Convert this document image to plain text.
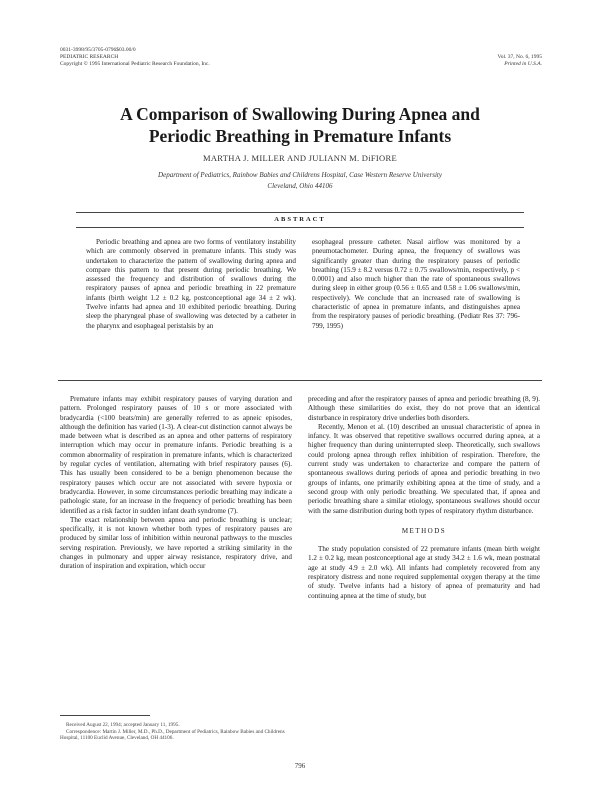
0031-3998/95/3705-0796$03.00/0
PEDIATRIC RESEARCH
Copyright © 1995 International Pediatric Research Foundation, Inc.
Vol. 37, No. 6, 1995
Printed in U.S.A.
A Comparison of Swallowing During Apnea and
Periodic Breathing in Premature Infants
MARTHA J. MILLER AND JULIANN M. DiFIORE
Department of Pediatrics, Rainbow Babies and Childrens Hospital, Case Western Reserve University
Cleveland, Ohio 44106
ABSTRACT

Periodic breathing and apnea are two forms of ventilatory instability which are commonly observed in premature infants. This study was undertaken to characterize the pattern of swallowing during apnea and compare this pattern to that present during periodic breathing. We assessed the frequency and distribution of swallows during the respiratory pauses of apnea and periodic breathing in 22 premature infants (birth weight 1.2 ± 0.2 kg, postconceptional age 34 ± 2 wk). Twelve infants had apnea and 10 exhibited periodic breathing. During sleep the pharyngeal phase of swallowing was detected by a catheter in the pharynx and esophageal peristalsis by an

esophageal pressure catheter. Nasal airflow was monitored by a pneumotachometer. During apnea, the frequency of swallows was significantly greater than during the respiratory pauses of periodic breathing (15.9 ± 8.2 versus 0.72 ± 0.75 swallows/min, respectively, p < 0.0001) and also much higher than the rate of spontaneous swallows during sleep in either group (0.56 ± 0.65 and 0.58 ± 1.06 swallows/min, respectively). We conclude that an increased rate of swallowing is characteristic of apnea in premature infants, and distinguishes apnea from the respiratory pauses of periodic breathing. (Pediatr Res 37: 796-799, 1995)

Premature infants may exhibit respiratory pauses of varying duration and pattern. Prolonged respiratory pauses of 10 s or more associated with bradycardia (<100 beats/min) are generally referred to as apneic episodes, although the definition has varied (1-3). A clear-cut distinction cannot always be made between what is described as an apnea and other patterns of respiratory interruption which may occur in premature infants. Periodic breathing is a common abnormality of respiration in premature infants, which is characterized by regular cycles of ventilation, alternating with brief respiratory pauses (6). This has usually been considered to be a benign phenomenon because the respiratory pauses which occur are not associated with severe hypoxia or bradycardia. However, in some circumstances periodic breathing may indicate a pathologic state, for an increase in the frequency of periodic breathing has been identified as a risk factor in sudden infant death syndrome (7).

The exact relationship between apnea and periodic breathing is unclear; specifically, it is not known whether both types of respiratory pauses are produced by similar loss of inhibition within neuronal pathways to the muscles serving respiration. Previously, we have reported a striking similarity in the changes in pulmonary and upper airway resistance, respiratory drive, and duration of inspiration and expiration, which occur

preceding and after the respiratory pauses of apnea and periodic breathing (8, 9). Although these similarities do exist, they do not prove that an identical disturbance in respiratory drive underlies both disorders.

Recently, Menon et al. (10) described an unusual characteristic of apnea in infancy. It was observed that repetitive swallows occurred during apnea, at a higher frequency than during uninterrupted sleep. Theoretically, such swallows could prolong apnea through reflex inhibition of respiration. Therefore, the current study was undertaken to characterize and compare the pattern of spontaneous swallows during periods of apnea and periodic breathing in two groups of infants, one primarily exhibiting apnea at the time of study, and a second group with only periodic breathing. We speculated that, if apnea and periodic breathing share a similar etiology, spontaneous swallows should occur with the same distribution during both types of respiratory rhythm disturbance.

METHODS

The study population consisted of 22 premature infants (mean birth weight 1.2 ± 0.2 kg, mean postconceptional age at study 34.2 ± 1.6 wk, mean postnatal age at study 4.9 ± 2.0 wk). All infants had completely recovered from any respiratory distress and none required supplemental oxygen therapy at the time of study. Twelve infants had a history of apnea of prematurity and had continuing apnea at the time of study, but

Received August 22, 1994; accepted January 11, 1995.

Correspondence: Martin J. Miller, M.D., Ph.D., Department of Pediatrics, Rainbow Babies and Childrens Hospital, 11100 Euclid Avenue, Cleveland, OH 44106.

796
